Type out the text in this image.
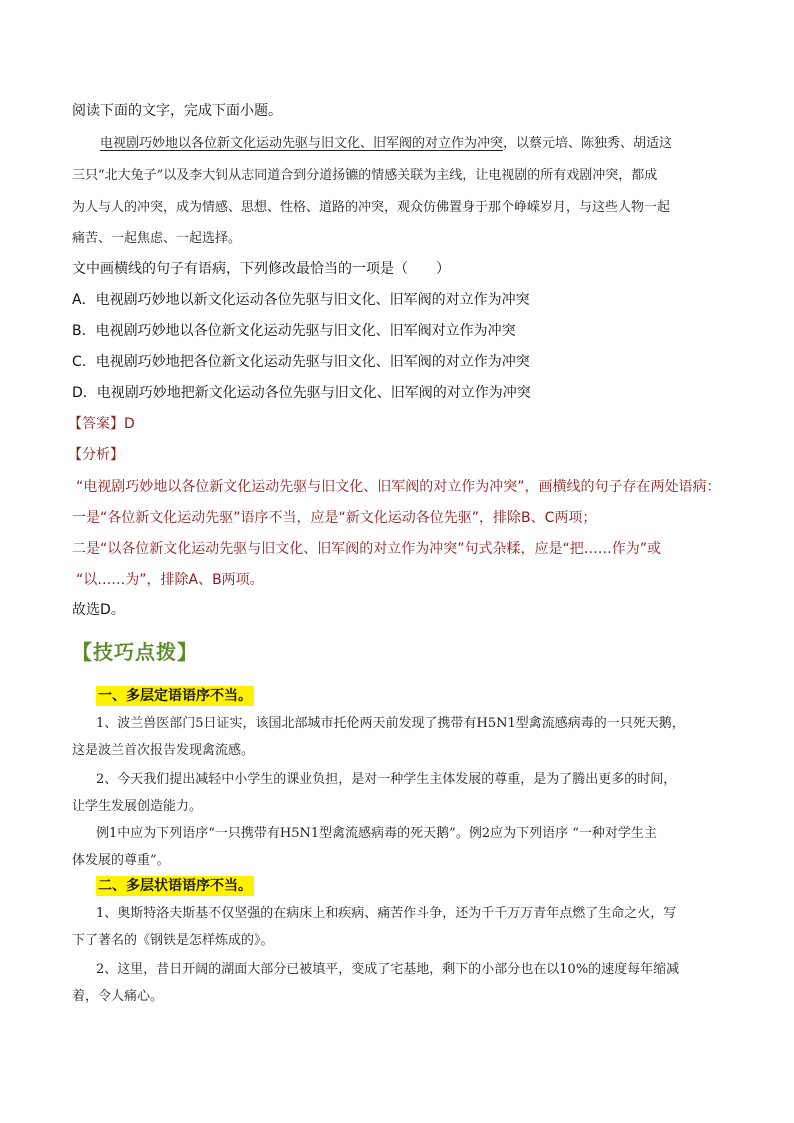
阅读下面的文字，完成下面小题。
电视剧巧妙地以各位新文化运动先驱与旧文化、旧军阀的对立作为冲突，以蔡元培、陈独秀、胡适这
三只“北大兔子”以及李大钊从志同道合到分道扬镳的情感关联为主线，让电视剧的所有戏剧冲突，都成
为人与人的冲突，成为情感、思想、性格、道路的冲突，观众仿佛置身于那个峥嵘岁月，与这些人物一起
痛苦、一起焦虑、一起选择。
文中画横线的句子有语病，下列修改最恰当的一项是（　　）
A．电视剧巧妙地以新文化运动各位先驱与旧文化、旧军阀的对立作为冲突
B．电视剧巧妙地以各位新文化运动先驱与旧文化、旧军阀对立作为冲突
C．电视剧巧妙地把各位新文化运动先驱与旧文化、旧军阀的对立作为冲突
D．电视剧巧妙地把新文化运动各位先驱与旧文化、旧军阀的对立作为冲突
【答案】D
【分析】
“电视剧巧妙地以各位新文化运动先驱与旧文化、旧军阀的对立作为冲突”，画横线的句子存在两处语病：
一是“各位新文化运动先驱”语序不当，应是“新文化运动各位先驱”，排除B、C两项；
二是“以各位新文化运动先驱与旧文化、旧军阀的对立作为冲突”句式杂糅，应是“把……作为”或
“以……为”，排除A、B两项。
故选D。
【技巧点拨】
一、多层定语语序不当。
1、波兰兽医部门5日证实，该国北部城市托伦两天前发现了携带有H5N1型禽流感病毒的一只死天鹅，
这是波兰首次报告发现禽流感。
2、今天我们提出减轻中小学生的课业负担，是对一种学生主体发展的尊重，是为了腾出更多的时间，
让学生发展创造能力。
例1中应为下列语序“一只携带有H5N1型禽流感病毒的死天鹅”。例2应为下列语序 “一种对学生主
体发展的尊重”。
二、多层状语语序不当。
1、奥斯特洛夫斯基不仅坚强的在病床上和疾病、痛苦作斗争，还为千千万万青年点燃了生命之火，写
下了著名的《钢铁是怎样炼成的》。
2、这里，昔日开阔的湖面大部分已被填平，变成了宅基地，剩下的小部分也在以10%的速度每年缩减
着，令人痛心。
